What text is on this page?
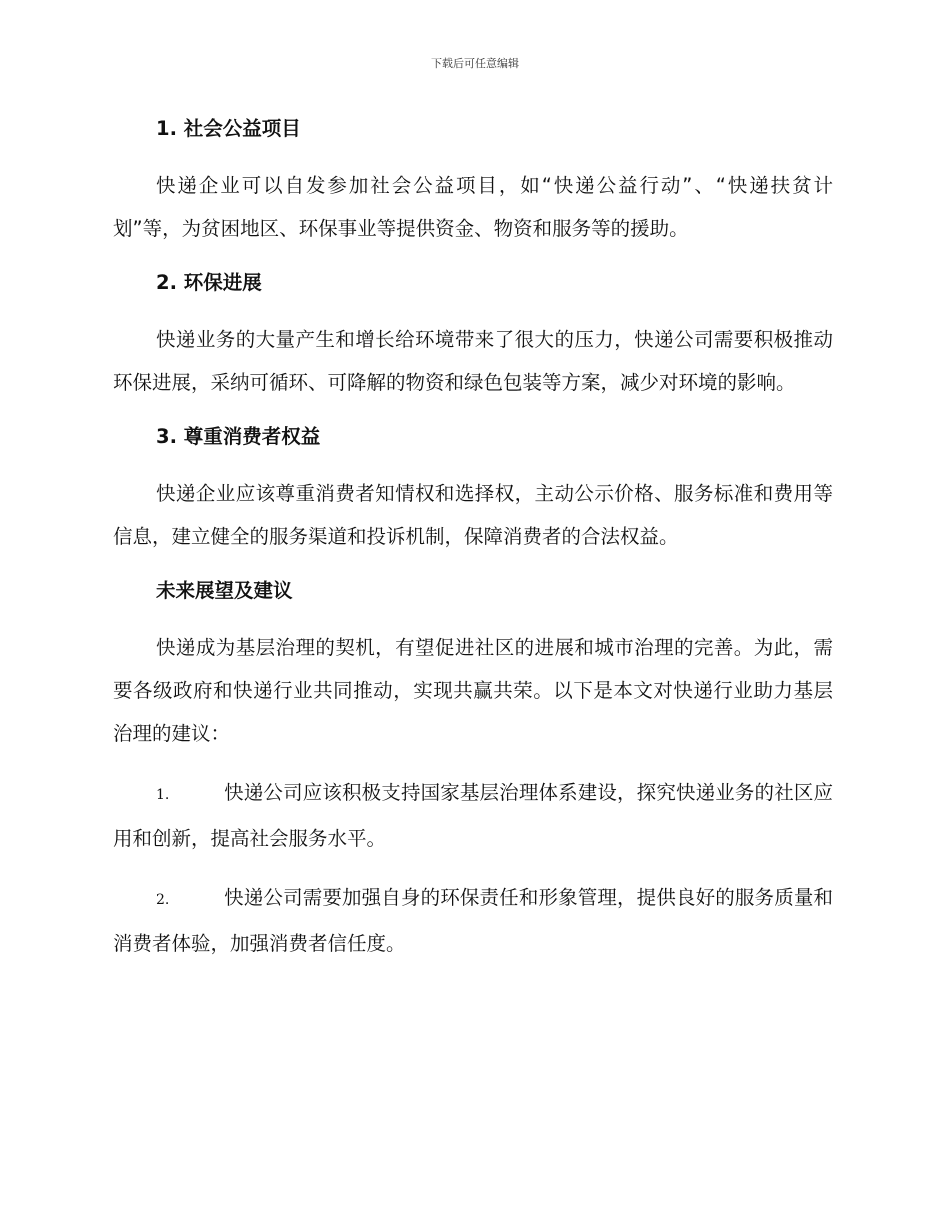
下载后可任意编辑
1. 社会公益项目

快递企业可以自发参加社会公益项目，如“快递公益行动”、“快递扶贫计划”等，为贫困地区、环保事业等提供资金、物资和服务等的援助。

2. 环保进展

快递业务的大量产生和增长给环境带来了很大的压力，快递公司需要积极推动环保进展，采纳可循环、可降解的物资和绿色包装等方案，减少对环境的影响。

3. 尊重消费者权益

快递企业应该尊重消费者知情权和选择权，主动公示价格、服务标准和费用等信息，建立健全的服务渠道和投诉机制，保障消费者的合法权益。

未来展望及建议

快递成为基层治理的契机，有望促进社区的进展和城市治理的完善。为此，需要各级政府和快递行业共同推动，实现共赢共荣。以下是本文对快递行业助力基层治理的建议：

1.	快递公司应该积极支持国家基层治理体系建设，探究快递业务的社区应用和创新，提高社会服务水平。
2.	快递公司需要加强自身的环保责任和形象管理，提供良好的服务质量和消费者体验，加强消费者信任度。
